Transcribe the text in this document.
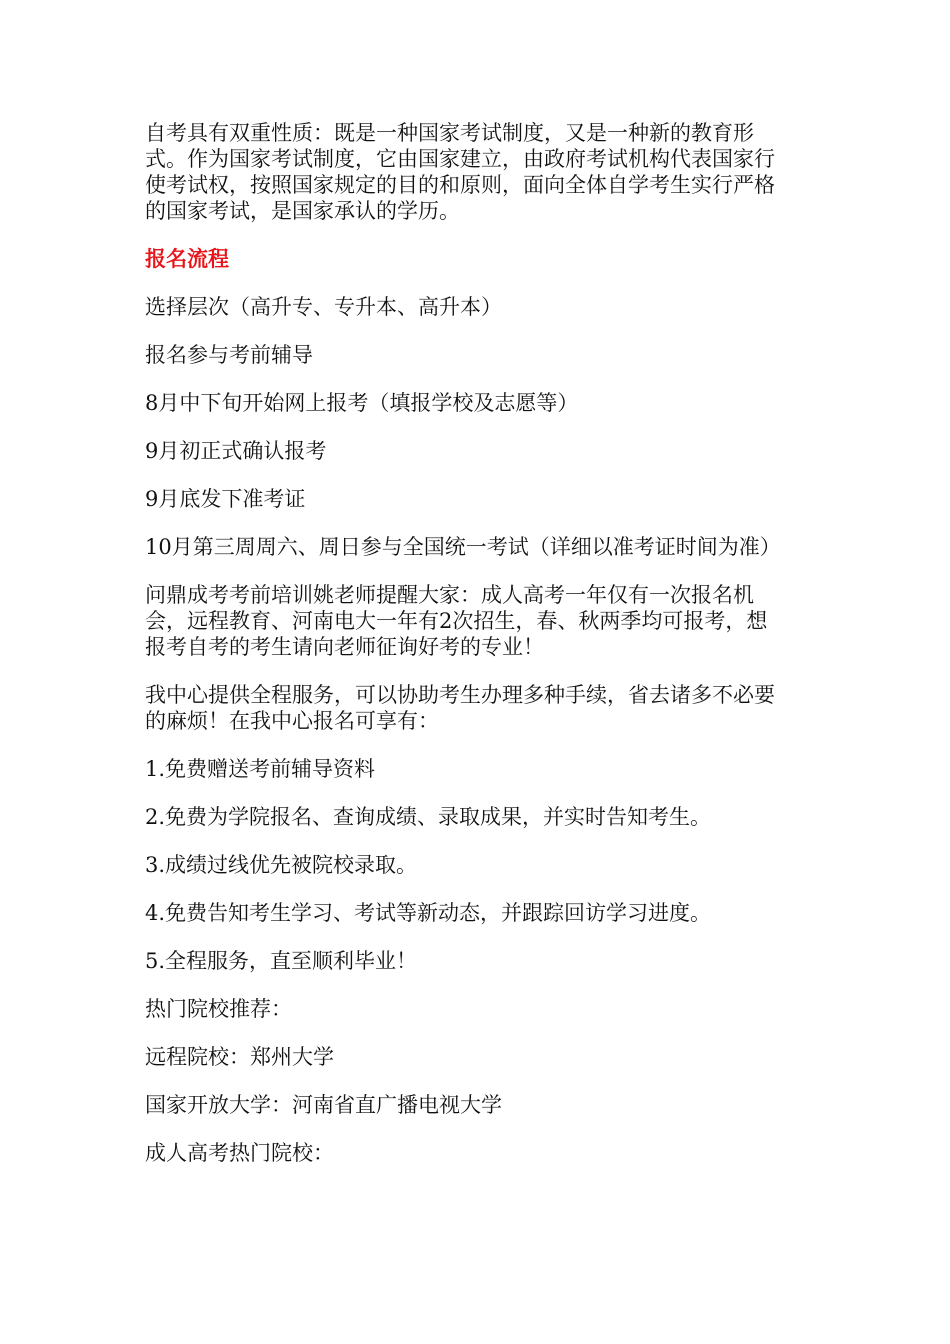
自考具有双重性质：既是一种国家考试制度，又是一种新的教育形式。作为国家考试制度，它由国家建立，由政府考试机构代表国家行使考试权，按照国家规定的目的和原则，面向全体自学考生实行严格的国家考试，是国家承认的学历。

报名流程

选择层次（高升专、专升本、高升本）

报名参与考前辅导

8月中下旬开始网上报考（填报学校及志愿等）

9月初正式确认报考

9月底发下准考证

10月第三周周六、周日参与全国统一考试（详细以准考证时间为准）

问鼎成考考前培训姚老师提醒大家：成人高考一年仅有一次报名机会，远程教育、河南电大一年有2次招生，春、秋两季均可报考，想报考自考的考生请向老师征询好考的专业！

我中心提供全程服务，可以协助考生办理多种手续，省去诸多不必要的麻烦！在我中心报名可享有：

1.免费赠送考前辅导资料

2.免费为学院报名、查询成绩、录取成果，并实时告知考生。

3.成绩过线优先被院校录取。

4.免费告知考生学习、考试等新动态，并跟踪回访学习进度。

5.全程服务，直至顺利毕业！

热门院校推荐：

远程院校：郑州大学

国家开放大学：河南省直广播电视大学

成人高考热门院校：
